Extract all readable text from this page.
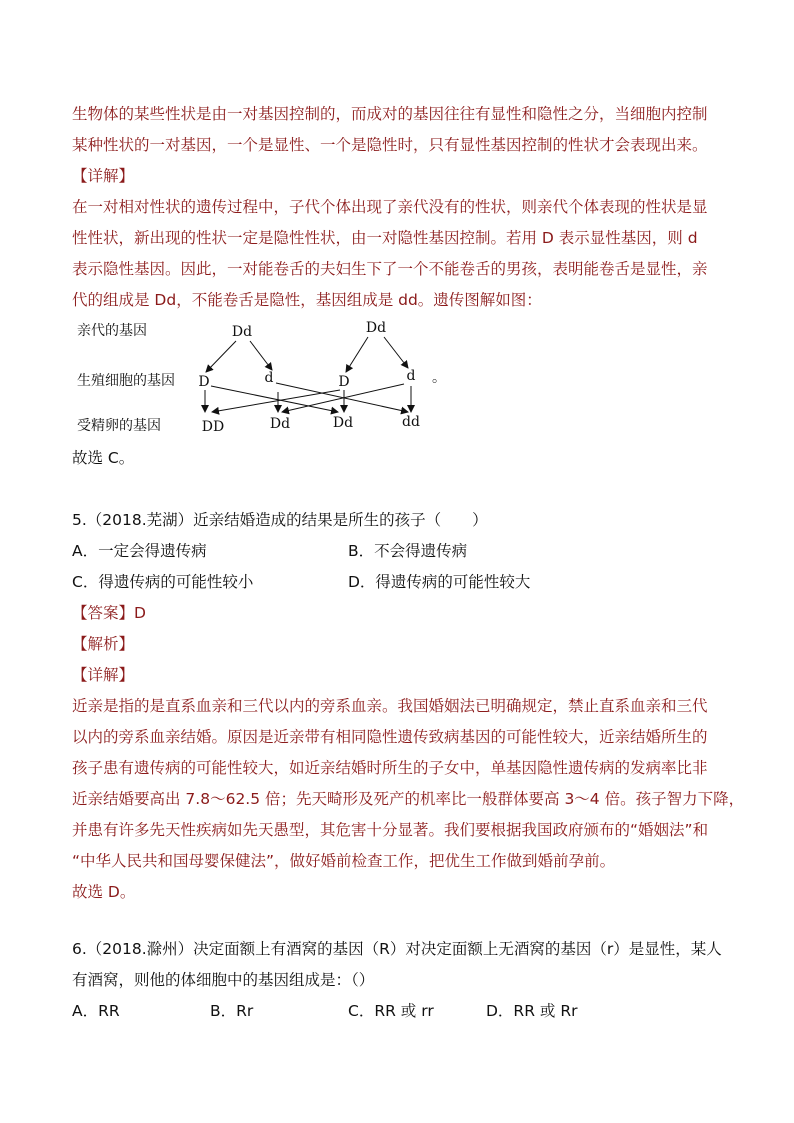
生物体的某些性状是由一对基因控制的，而成对的基因往往有显性和隐性之分，当细胞内控制
某种性状的一对基因，一个是显性、一个是隐性时，只有显性基因控制的性状才会表现出来。
【详解】
在一对相对性状的遗传过程中，子代个体出现了亲代没有的性状，则亲代个体表现的性状是显
性性状，新出现的性状一定是隐性性状，由一对隐性基因控制。若用 D 表示显性基因，则 d
表示隐性基因。因此，一对能卷舌的夫妇生下了一个不能卷舌的男孩，表明能卷舌是显性，亲
代的组成是 Dd，不能卷舌是隐性，基因组成是 dd。遗传图解如图：
亲代的基因
生殖细胞的基因
受精卵的基因
Dd	Dd
D	d	D	d 。
DD	Dd	Dd	dd
故选 C。
5.（2018.芜湖）近亲结婚造成的结果是所生的孩子（　　）
A．一定会得遗传病	B．不会得遗传病
C．得遗传病的可能性较小	D．得遗传病的可能性较大
【答案】D
【解析】
【详解】
近亲是指的是直系血亲和三代以内的旁系血亲。我国婚姻法已明确规定，禁止直系血亲和三代
以内的旁系血亲结婚。原因是近亲带有相同隐性遗传致病基因的可能性较大，近亲结婚所生的
孩子患有遗传病的可能性较大，如近亲结婚时所生的子女中，单基因隐性遗传病的发病率比非
近亲结婚要高出 7.8～62.5 倍；先天畸形及死产的机率比一般群体要高 3～4 倍。孩子智力下降，
并患有许多先天性疾病如先天愚型，其危害十分显著。我们要根据我国政府颁布的“婚姻法”和
“中华人民共和国母婴保健法”，做好婚前检查工作，把优生工作做到婚前孕前。
故选 D。
6.（2018.滁州）决定面额上有酒窝的基因（R）对决定面额上无酒窝的基因（r）是显性，某人
有酒窝，则他的体细胞中的基因组成是：（）
A．RR	B．Rr	C．RR 或 rr	D．RR 或 Rr
